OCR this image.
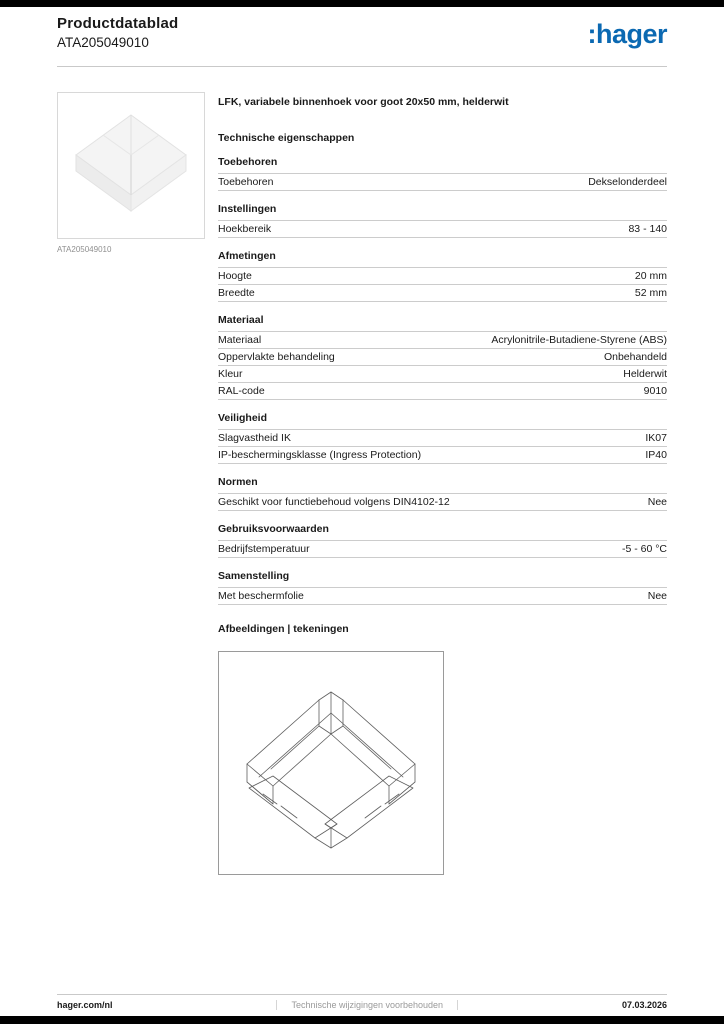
Productdatablad
ATA205049010	:hager
ATA205049010
LFK, variabele binnenhoek voor goot 20x50 mm, helderwit
Technische eigenschappen
Toebehoren
Toebehoren	Dekselonderdeel
Instellingen
Hoekbereik	83 - 140
Afmetingen
Hoogte	20 mm
Breedte	52 mm
Materiaal
Materiaal	Acrylonitrile-Butadiene-Styrene (ABS)
Oppervlakte behandeling	Onbehandeld
Kleur	Helderwit
RAL-code	9010
Veiligheid
Slagvastheid IK	IK07
IP-beschermingsklasse (Ingress Protection)	IP40
Normen
Geschikt voor functiebehoud volgens DIN4102-12	Nee
Gebruiksvoorwaarden
Bedrijfstemperatuur	-5 - 60 °C
Samenstelling
Met beschermfolie	Nee
Afbeeldingen | tekeningen
hager.com/nl	Technische wijzigingen voorbehouden	07.03.2026
